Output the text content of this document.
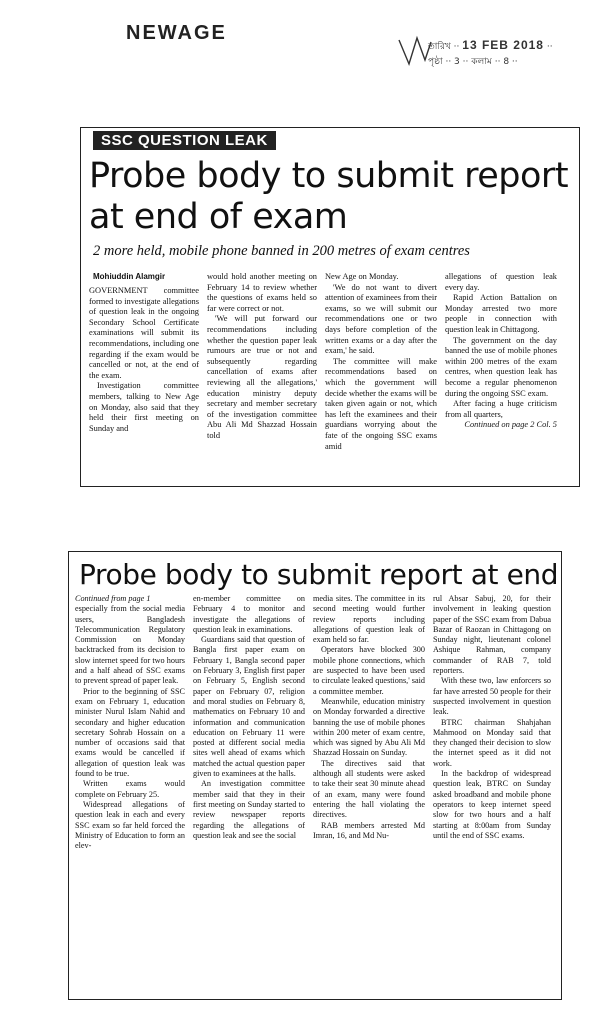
NEWAGE
তারিখ ·· 13 FEB 2018 ··
পৃষ্ঠা ·· 3 ·· কলাম ·· 8 ··
SSC QUESTION LEAK
Probe body to submit report at end of exam
2 more held, mobile phone banned in 200 metres of exam centres
Mohiuddin Alamgir

GOVERNMENT committee formed to investigate allegations of question leak in the ongoing Secondary School Certificate examinations will submit its recommendations, including one regarding if the exam would be cancelled or not, at the end of the exam.

Investigation committee members, talking to New Age on Monday, also said that they held their first meeting on Sunday and

would hold another meeting on February 14 to review whether the questions of exams held so far were correct or not.

'We will put forward our recommendations including whether the question paper leak rumours are true or not and subsequently regarding cancellation of exams after reviewing all the allegations,' education ministry deputy secretary and member secretary of the investigation committee Abu Ali Md Shazzad Hossain told

New Age on Monday.

'We do not want to divert attention of examinees from their exams, so we will submit our recommendations one or two days before completion of the written exams or a day after the exam,' he said.

The committee will make recommendations based on which the government will decide whether the exams will be taken given again or not, which has left the examinees and their guardians worrying about the fate of the ongoing SSC exams amid

allegations of question leak every day.

Rapid Action Battalion on Monday arrested two more people in connection with question leak in Chittagong.

The government on the day banned the use of mobile phones within 200 metres of the exam centres, when question leak has become a regular phenomenon during the ongoing SSC exam.

After facing a huge criticism from all quarters,

Continued on page 2 Col. 5

Probe body to submit report at end

Continued from page 1

especially from the social media users, Bangladesh Telecommunication Regulatory Commission on Monday backtracked from its decision to slow internet speed for two hours and a half ahead of SSC exams to prevent spread of paper leak.

Prior to the beginning of SSC exam on February 1, education minister Nurul Islam Nahid and secondary and higher education secretary Sohrab Hossain on a number of occasions said that exams would be cancelled if allegation of question leak was found to be true.

Written exams would complete on February 25.

Widespread allegations of question leak in each and every SSC exam so far held forced the Ministry of Education to form an elev-

en-member committee on February 4 to monitor and investigate the allegations of question leak in examinations.

Guardians said that question of Bangla first paper exam on February 1, Bangla second paper on February 3, English first paper on February 5, English second paper on February 07, religion and moral studies on February 8, mathematics on February 10 and information and communication education on February 11 were posted at different social media sites well ahead of exams which matched the actual question paper given to examinees at the halls.

An investigation committee member said that they in their first meeting on Sunday started to review newspaper reports regarding the allegations of question leak and see the social

media sites. The committee in its second meeting would further review reports including allegations of question leak of exam held so far.

Operators have blocked 300 mobile phone connections, which are suspected to have been used to circulate leaked questions,' said a committee member.

Meanwhile, education ministry on Monday forwarded a directive banning the use of mobile phones within 200 meter of exam centre, which was signed by Abu Ali Md Shazzad Hossain on Sunday.

The directives said that although all students were asked to take their seat 30 minute ahead of an exam, many were found entering the hall violating the directives.

RAB members arrested Md Imran, 16, and Md Nu-

rul Absar Sabuj, 20, for their involvement in leaking question paper of the SSC exam from Dabua Bazar of Raozan in Chittagong on Sunday night, lieutenant colonel Ashique Rahman, company commander of RAB 7, told reporters.

With these two, law enforcers so far have arrested 50 people for their suspected involvement in question leak.

BTRC chairman Shahjahan Mahmood on Monday said that they changed their decision to slow the internet speed as it did not work.

In the backdrop of widespread question leak, BTRC on Sunday asked broadband and mobile phone operators to keep internet speed slow for two hours and a half starting at 8:00am from Sunday until the end of SSC exams.
